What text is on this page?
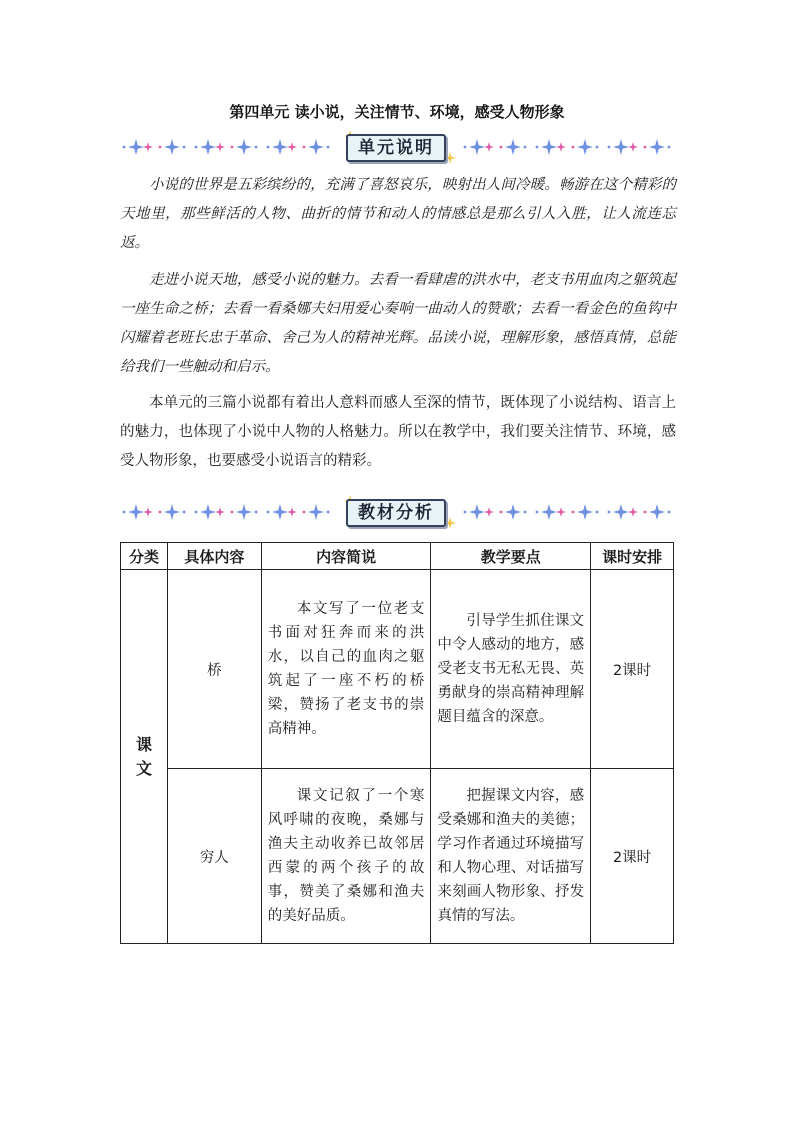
第四单元 读小说，关注情节、环境，感受人物形象
单元说明

小说的世界是五彩缤纷的，充满了喜怒哀乐，映射出人间冷暖。畅游在这个精彩的天地里，那些鲜活的人物、曲折的情节和动人的情感总是那么引人入胜，让人流连忘返。

走进小说天地，感受小说的魅力。去看一看肆虐的洪水中，老支书用血肉之躯筑起一座生命之桥；去看一看桑娜夫妇用爱心奏响一曲动人的赞歌；去看一看金色的鱼钩中闪耀着老班长忠于革命、舍己为人的精神光辉。品读小说，理解形象，感悟真情，总能给我们一些触动和启示。

本单元的三篇小说都有着出人意料而感人至深的情节，既体现了小说结构、语言上的魅力，也体现了小说中人物的人格魅力。所以在教学中，我们要关注情节、环境，感受人物形象，也要感受小说语言的精彩。

教材分析
分类	具体内容	内容简说	教学要点	课时安排
课文	桥	本文写了一位老支书面对狂奔而来的洪水，以自己的血肉之躯筑起了一座不朽的桥梁，赞扬了老支书的崇高精神。	引导学生抓住课文中令人感动的地方，感受老支书无私无畏、英勇献身的崇高精神理解题目蕴含的深意。	2课时
	穷人	课文记叙了一个寒风呼啸的夜晚，桑娜与渔夫主动收养已故邻居西蒙的两个孩子的故事，赞美了桑娜和渔夫的美好品质。	把握课文内容，感受桑娜和渔夫的美德；学习作者通过环境描写和人物心理、对话描写来刻画人物形象、抒发真情的写法。	2课时
